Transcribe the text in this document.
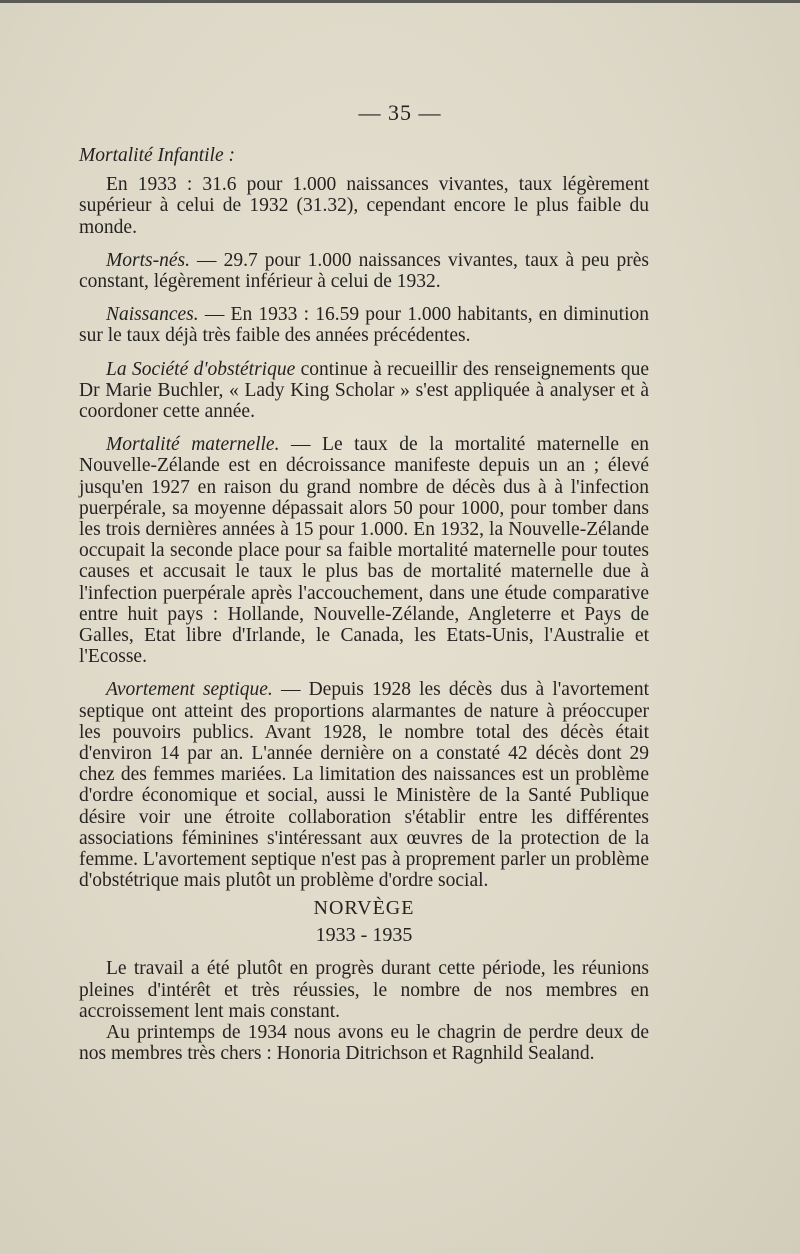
— 35 —
Mortalité Infantile :

En 1933 : 31.6 pour 1.000 naissances vivantes, taux légèrement supérieur à celui de 1932 (31.32), cependant encore le plus faible du monde.

Morts-nés. — 29.7 pour 1.000 naissances vivantes, taux à peu près constant, légèrement inférieur à celui de 1932.

Naissances. — En 1933 : 16.59 pour 1.000 habitants, en diminution sur le taux déjà très faible des années précédentes.

La Société d'obstétrique continue à recueillir des renseignements que Dr Marie Buchler, « Lady King Scholar » s'est appliquée à analyser et à coordoner cette année.

Mortalité maternelle. — Le taux de la mortalité maternelle en Nouvelle-Zélande est en décroissance manifeste depuis un an ; élevé jusqu'en 1927 en raison du grand nombre de décès dus à à l'infection puerpérale, sa moyenne dépassait alors 50 pour 1000, pour tomber dans les trois dernières années à 15 pour 1.000. En 1932, la Nouvelle-Zélande occupait la seconde place pour sa faible mortalité maternelle pour toutes causes et accusait le taux le plus bas de mortalité maternelle due à l'infection puerpérale après l'accouchement, dans une étude comparative entre huit pays : Hollande, Nouvelle-Zélande, Angleterre et Pays de Galles, Etat libre d'Irlande, le Canada, les Etats-Unis, l'Australie et l'Ecosse.

Avortement septique. — Depuis 1928 les décès dus à l'avortement septique ont atteint des proportions alarmantes de nature à préoccuper les pouvoirs publics. Avant 1928, le nombre total des décès était d'environ 14 par an. L'année dernière on a constaté 42 décès dont 29 chez des femmes mariées. La limitation des naissances est un problème d'ordre économique et social, aussi le Ministère de la Santé Publique désire voir une étroite collaboration s'établir entre les différentes associations féminines s'intéressant aux œuvres de la protection de la femme. L'avortement septique n'est pas à proprement parler un problème d'obstétrique mais plutôt un problème d'ordre social.

NORVÈGE
1933 - 1935

Le travail a été plutôt en progrès durant cette période, les réunions pleines d'intérêt et très réussies, le nombre de nos membres en accroissement lent mais constant.

Au printemps de 1934 nous avons eu le chagrin de perdre deux de nos membres très chers : Honoria Ditrichson et Ragnhild Sealand.
